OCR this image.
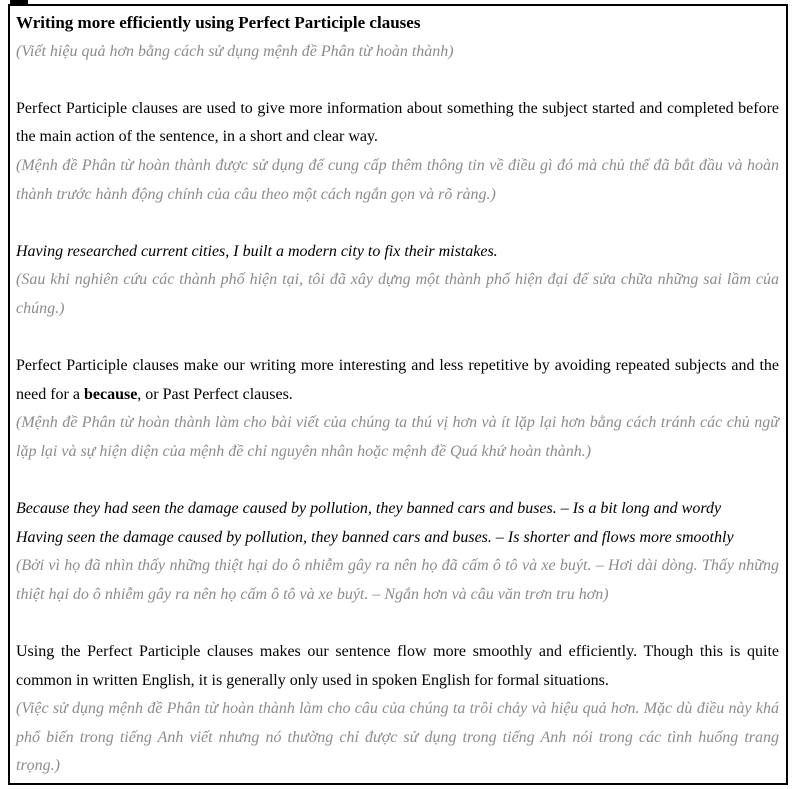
Writing more efficiently using Perfect Participle clauses

(Viết hiệu quả hơn bằng cách sử dụng mệnh đề Phân từ hoàn thành)

Perfect Participle clauses are used to give more information about something the subject started and completed before the main action of the sentence, in a short and clear way.

(Mệnh đề Phân từ hoàn thành được sử dụng để cung cấp thêm thông tin về điều gì đó mà chủ thể đã bắt đầu và hoàn thành trước hành động chính của câu theo một cách ngắn gọn và rõ ràng.)

Having researched current cities, I built a modern city to fix their mistakes.

(Sau khi nghiên cứu các thành phố hiện tại, tôi đã xây dựng một thành phố hiện đại để sửa chữa những sai lầm của chúng.)

Perfect Participle clauses make our writing more interesting and less repetitive by avoiding repeated subjects and the need for a because, or Past Perfect clauses.

(Mệnh đề Phân từ hoàn thành làm cho bài viết của chúng ta thú vị hơn và ít lặp lại hơn bằng cách tránh các chủ ngữ lặp lại và sự hiện diện của mệnh đề chỉ nguyên nhân hoặc mệnh đề Quá khứ hoàn thành.)

Because they had seen the damage caused by pollution, they banned cars and buses. – Is a bit long and wordy

Having seen the damage caused by pollution, they banned cars and buses. – Is shorter and flows more smoothly

(Bởi vì họ đã nhìn thấy những thiệt hại do ô nhiễm gây ra nên họ đã cấm ô tô và xe buýt. – Hơi dài dòng. Thấy những thiệt hại do ô nhiễm gây ra nên họ cấm ô tô và xe buýt. – Ngắn hơn và câu văn trơn tru hơn)

Using the Perfect Participle clauses makes our sentence flow more smoothly and efficiently. Though this is quite common in written English, it is generally only used in spoken English for formal situations.

(Việc sử dụng mệnh đề Phân từ hoàn thành làm cho câu của chúng ta trôi chảy và hiệu quả hơn. Mặc dù điều này khá phổ biến trong tiếng Anh viết nhưng nó thường chỉ được sử dụng trong tiếng Anh nói trong các tình huống trang trọng.)
